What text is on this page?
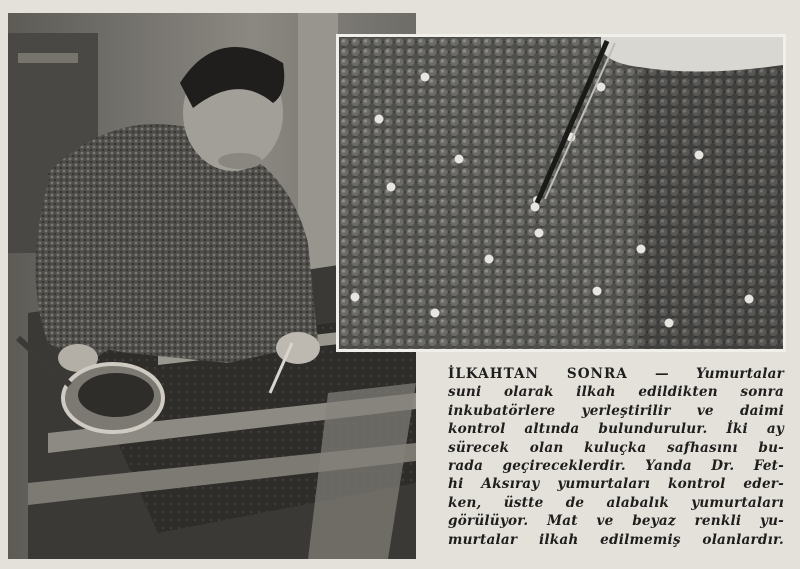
İLKAHTAN SONRA — Yumurtalar
suni olarak ilkah edildikten sonra
inkubatörlere yerleştirilir ve daimi
kontrol altında bulundurulur. İki ay
sürecek olan kuluçka safhasını bu-
rada geçireceklerdir. Yanda Dr. Fet-
hi Aksıray yumurtaları kontrol eder-
ken, üstte de alabalık yumurtaları
görülüyor. Mat ve beyaz renkli yu-
murtalar ilkah edilmemiş olanlardır.
